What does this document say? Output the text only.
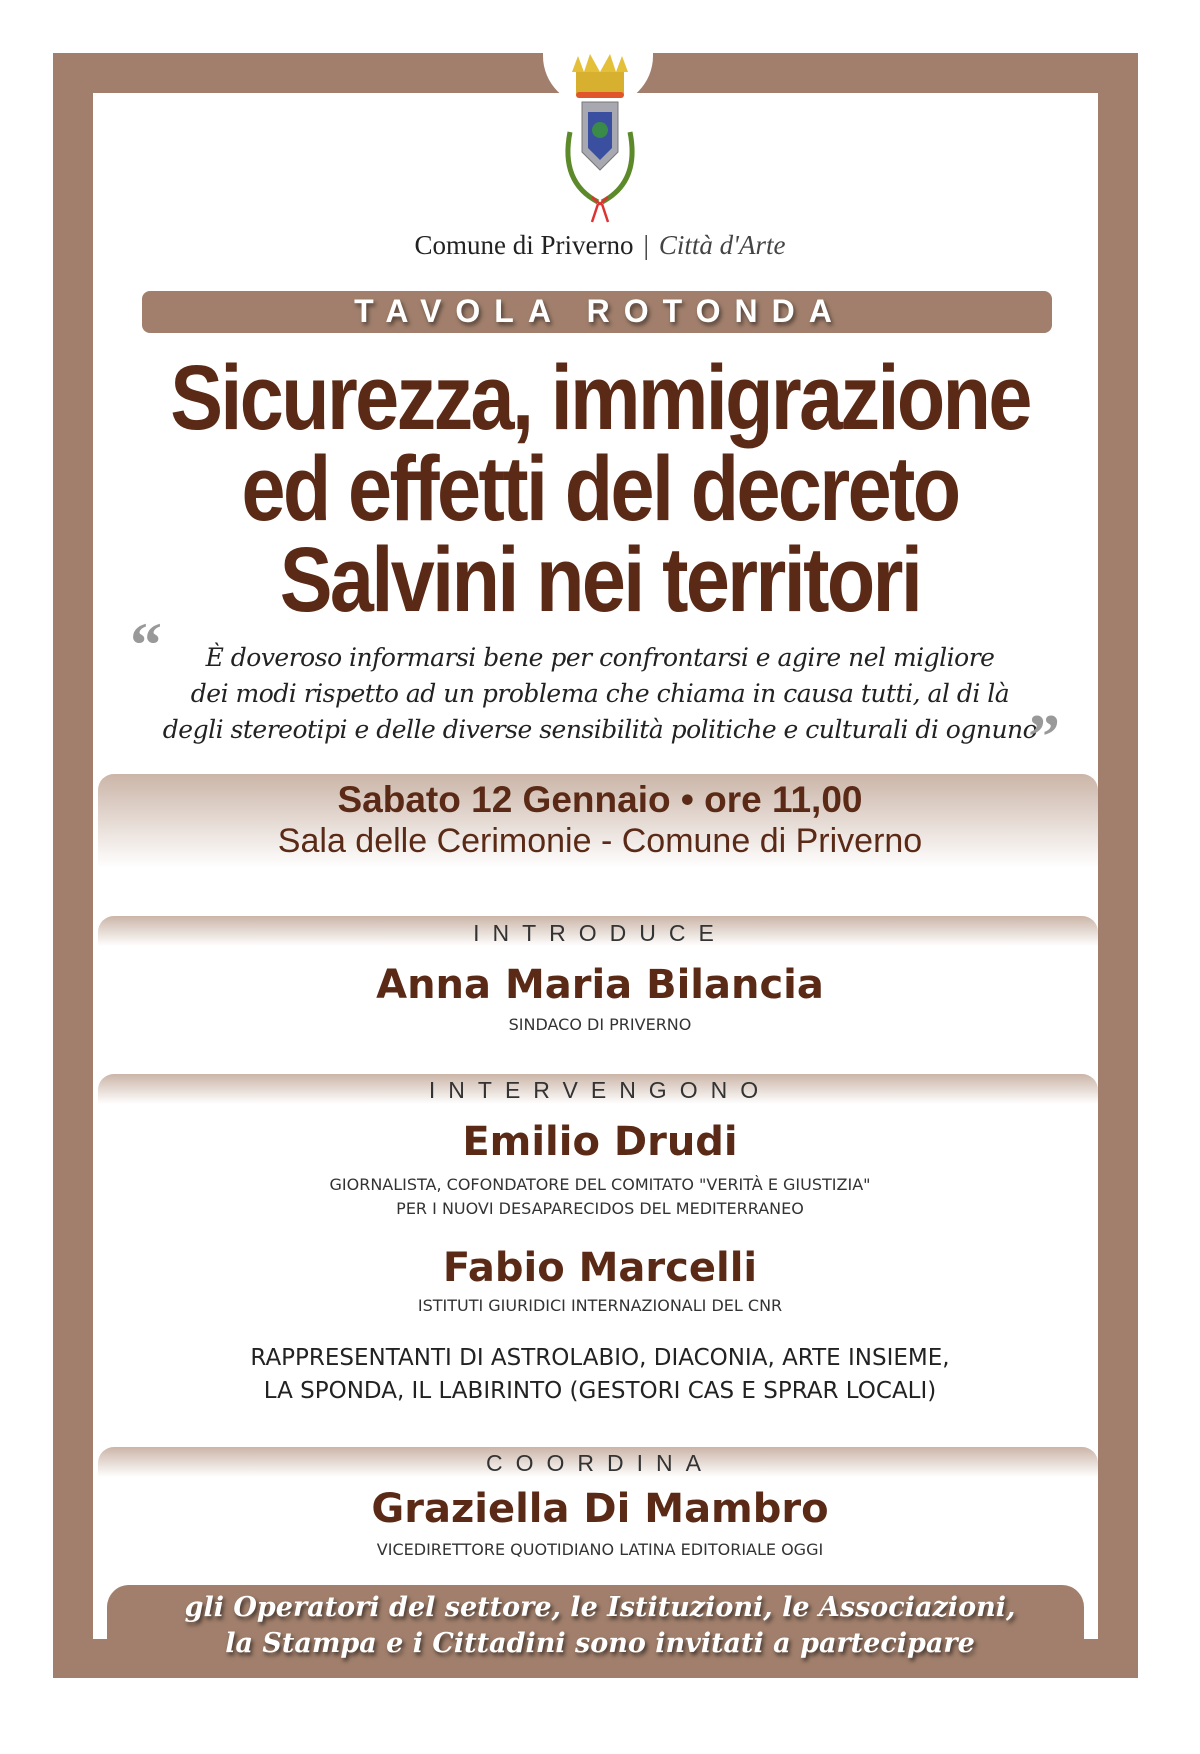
Comune di Priverno | Città d'Arte
TAVOLA ROTONDA
Sicurezza, immigrazione
ed effetti del decreto
Salvini nei territori
“	È doveroso informarsi bene per confrontarsi e agire nel migliore
dei modi rispetto ad un problema che chiama in causa tutti, al di là
degli stereotipi e delle diverse sensibilità politiche e culturali di ognuno
”
Sabato 12 Gennaio • ore 11,00
Sala delle Cerimonie - Comune di Priverno
INTRODUCE
Anna Maria Bilancia
SINDACO DI PRIVERNO
INTERVENGONO
Emilio Drudi
GIORNALISTA, COFONDATORE DEL COMITATO "VERITÀ E GIUSTIZIA"
PER I NUOVI DESAPARECIDOS DEL MEDITERRANEO
Fabio Marcelli
ISTITUTI GIURIDICI INTERNAZIONALI DEL CNR
RAPPRESENTANTI DI ASTROLABIO, DIACONIA, ARTE INSIEME,
LA SPONDA, IL LABIRINTO (GESTORI CAS E SPRAR LOCALI)
COORDINA
Graziella Di Mambro
VICEDIRETTORE QUOTIDIANO LATINA EDITORIALE OGGI
gli Operatori del settore, le Istituzioni, le Associazioni,
la Stampa e i Cittadini sono invitati a partecipare
